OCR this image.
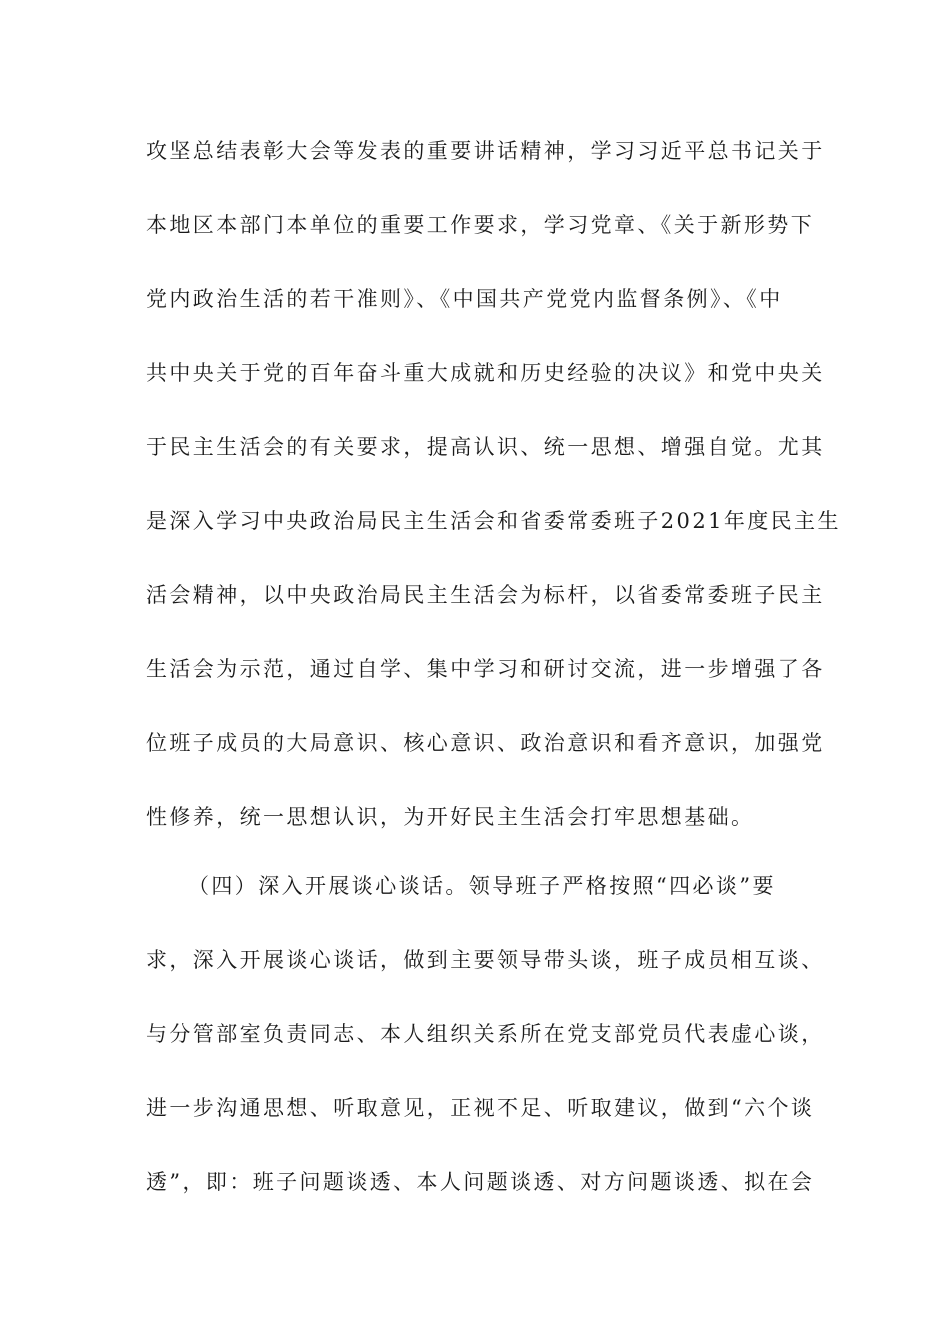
攻坚总结表彰大会等发表的重要讲话精神，学习习近平总书记关于
本地区本部门本单位的重要工作要求，学习党章、《关于新形势下
党内政治生活的若干准则》、《中国共产党党内监督条例》、《中
共中央关于党的百年奋斗重大成就和历史经验的决议》和党中央关
于民主生活会的有关要求，提高认识、统一思想、增强自觉。尤其
是深入学习中央政治局民主生活会和省委常委班子2021年度民主生
活会精神，以中央政治局民主生活会为标杆，以省委常委班子民主
生活会为示范，通过自学、集中学习和研讨交流，进一步增强了各
位班子成员的大局意识、核心意识、政治意识和看齐意识，加强党
性修养，统一思想认识，为开好民主生活会打牢思想基础。
（四）深入开展谈心谈话。领导班子严格按照“四必谈”要
求，深入开展谈心谈话，做到主要领导带头谈，班子成员相互谈、
与分管部室负责同志、本人组织关系所在党支部党员代表虚心谈，
进一步沟通思想、听取意见，正视不足、听取建议，做到“六个谈
透”，即：班子问题谈透、本人问题谈透、对方问题谈透、拟在会
